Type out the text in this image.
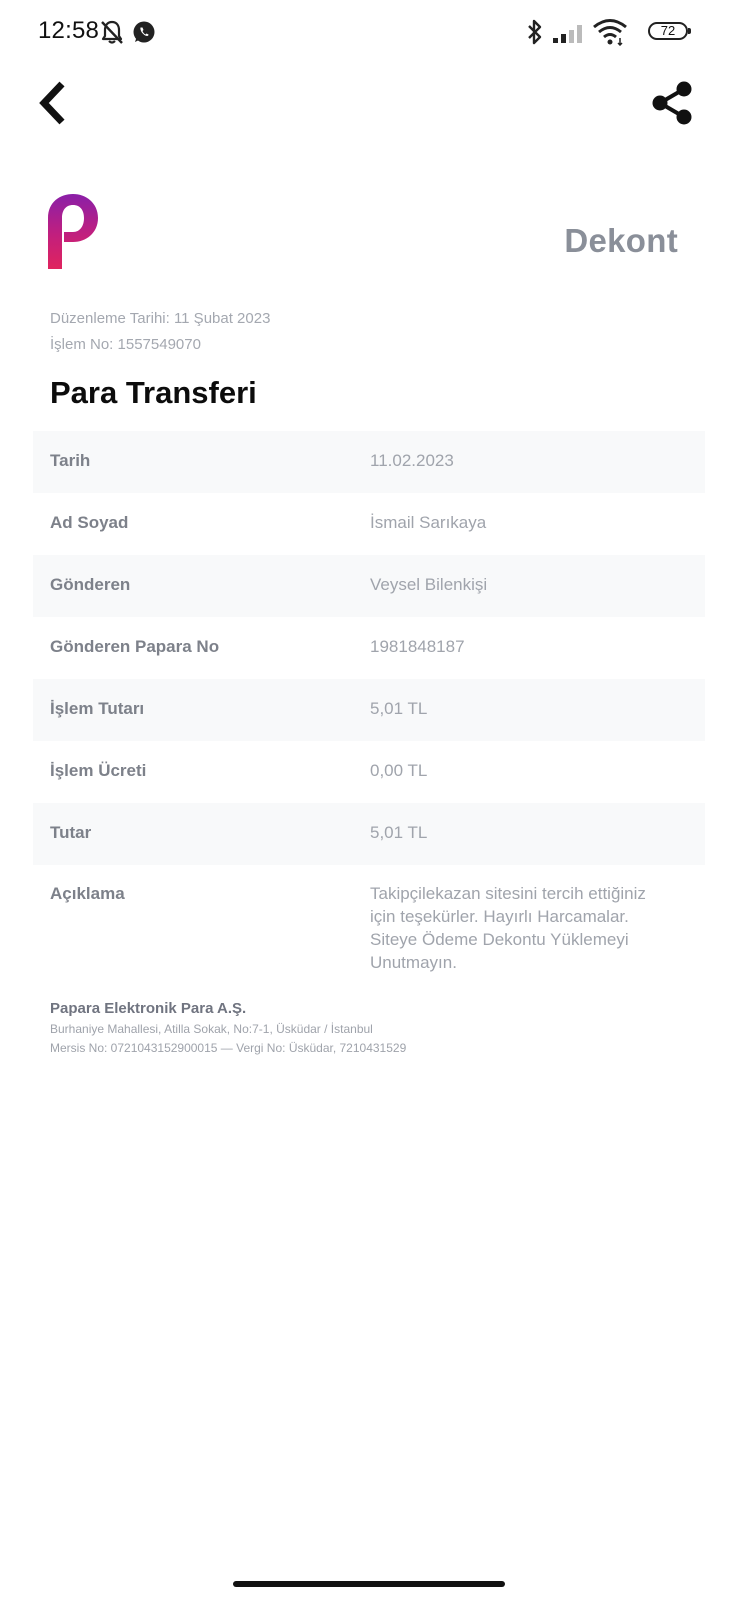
12:58	72
Dekont
Düzenleme Tarihi: 11 Şubat 2023
İşlem No: 1557549070
Para Transferi
Tarih	11.02.2023
Ad Soyad	İsmail Sarıkaya
Gönderen	Veysel Bilenkişi
Gönderen Papara No	1981848187
İşlem Tutarı	5,01 TL
İşlem Ücreti	0,00 TL
Tutar	5,01 TL
Açıklama	Takipçilekazan sitesini tercih ettiğiniz için teşekürler. Hayırlı Harcamalar. Siteye Ödeme Dekontu Yüklemeyi Unutmayın.
Papara Elektronik Para A.Ş.
Burhaniye Mahallesi, Atilla Sokak, No:7-1, Üsküdar / İstanbul
Mersis No: 0721043152900015 — Vergi No: Üsküdar, 7210431529
